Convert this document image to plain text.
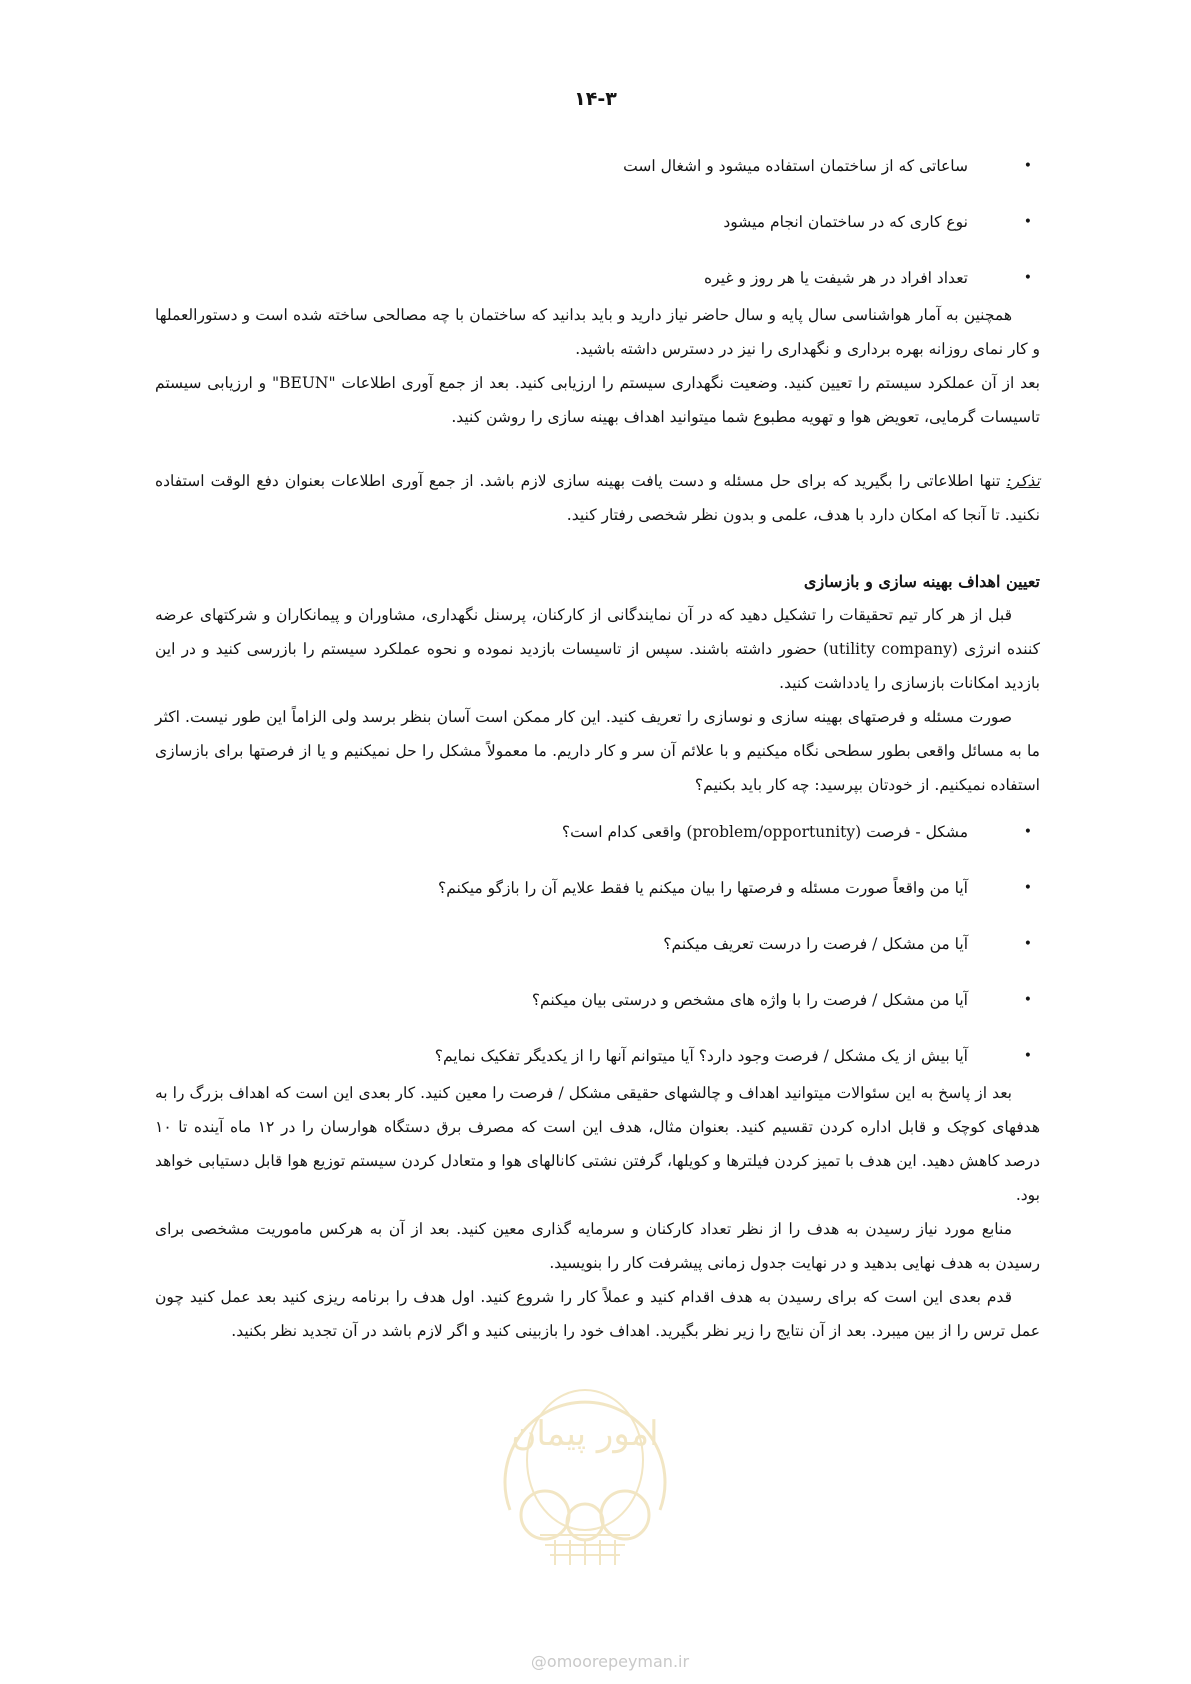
۱۴-۳
• ساعاتی که از ساختمان استفاده میشود و اشغال است
• نوع کاری که در ساختمان انجام میشود
• تعداد افراد در هر شیفت یا هر روز و غیره

همچنین به آمار هواشناسی سال پایه و سال حاضر نیاز دارید و باید بدانید که ساختمان با چه مصالحی ساخته شده است و دستورالعملها و کار نمای روزانه بهره برداری و نگهداری را نیز در دسترس داشته باشید.

بعد از آن عملکرد سیستم را تعیین کنید. وضعیت نگهداری سیستم را ارزیابی کنید. بعد از جمع آوری اطلاعات "BEUN" و ارزیابی سیستم تاسیسات گرمایی، تعویض هوا و تهویه مطبوع شما میتوانید اهداف بهینه سازی را روشن کنید.

تذکر: تنها اطلاعاتی را بگیرید که برای حل مسئله و دست یافت بهینه سازی لازم باشد. از جمع آوری اطلاعات بعنوان دفع الوقت استفاده نکنید. تا آنجا که امکان دارد با هدف، علمی و بدون نظر شخصی رفتار کنید.

تعیین اهداف بهینه سازی و بازسازی

قبل از هر کار تیم تحقیقات را تشکیل دهید که در آن نمایندگانی از کارکنان، پرسنل نگهداری، مشاوران و پیمانکاران و شرکتهای عرضه کننده انرژی (utility company) حضور داشته باشند. سپس از تاسیسات بازدید نموده و نحوه عملکرد سیستم را بازرسی کنید و در این بازدید امکانات بازسازی را یادداشت کنید.

صورت مسئله و فرصتهای بهینه سازی و نوسازی را تعریف کنید. این کار ممکن است آسان بنظر برسد ولی الزاماً این طور نیست. اکثر ما به مسائل واقعی بطور سطحی نگاه میکنیم و با علائم آن سر و کار داریم. ما معمولاً مشکل را حل نمیکنیم و یا از فرصتها برای بازسازی استفاده نمیکنیم. از خودتان بپرسید: چه کار باید بکنیم؟

• مشکل - فرصت (problem/opportunity) واقعی کدام است؟
• آیا من واقعاً صورت مسئله و فرصتها را بیان میکنم یا فقط علایم آن را بازگو میکنم؟
• آیا من مشکل / فرصت را درست تعریف میکنم؟
• آیا من مشکل / فرصت را با واژه های مشخص و درستی بیان میکنم؟
• آیا بیش از یک مشکل / فرصت وجود دارد؟ آیا میتوانم آنها را از یکدیگر تفکیک نمایم؟

بعد از پاسخ به این سئوالات میتوانید اهداف و چالشهای حقیقی مشکل / فرصت را معین کنید. کار بعدی این است که اهداف بزرگ را به هدفهای کوچک و قابل اداره کردن تقسیم کنید. بعنوان مثال، هدف این است که مصرف برق دستگاه هوارسان را در ۱۲ ماه آینده تا ۱۰ درصد کاهش دهید. این هدف با تمیز کردن فیلترها و کویلها، گرفتن نشتی کانالهای هوا و متعادل کردن سیستم توزیع هوا قابل دستیابی خواهد بود.

منابع مورد نیاز رسیدن به هدف را از نظر تعداد کارکنان و سرمایه گذاری معین کنید. بعد از آن به هرکس ماموریت مشخصی برای رسیدن به هدف نهایی بدهید و در نهایت جدول زمانی پیشرفت کار را بنویسید.

قدم بعدی این است که برای رسیدن به هدف اقدام کنید و عملاً کار را شروع کنید. اول هدف را برنامه ریزی کنید بعد عمل کنید چون عمل ترس را از بین میبرد. بعد از آن نتایج را زیر نظر بگیرید. اهداف خود را بازبینی کنید و اگر لازم باشد در آن تجدید نظر بکنید.

امور پیمان
@omoorepeyman.ir
